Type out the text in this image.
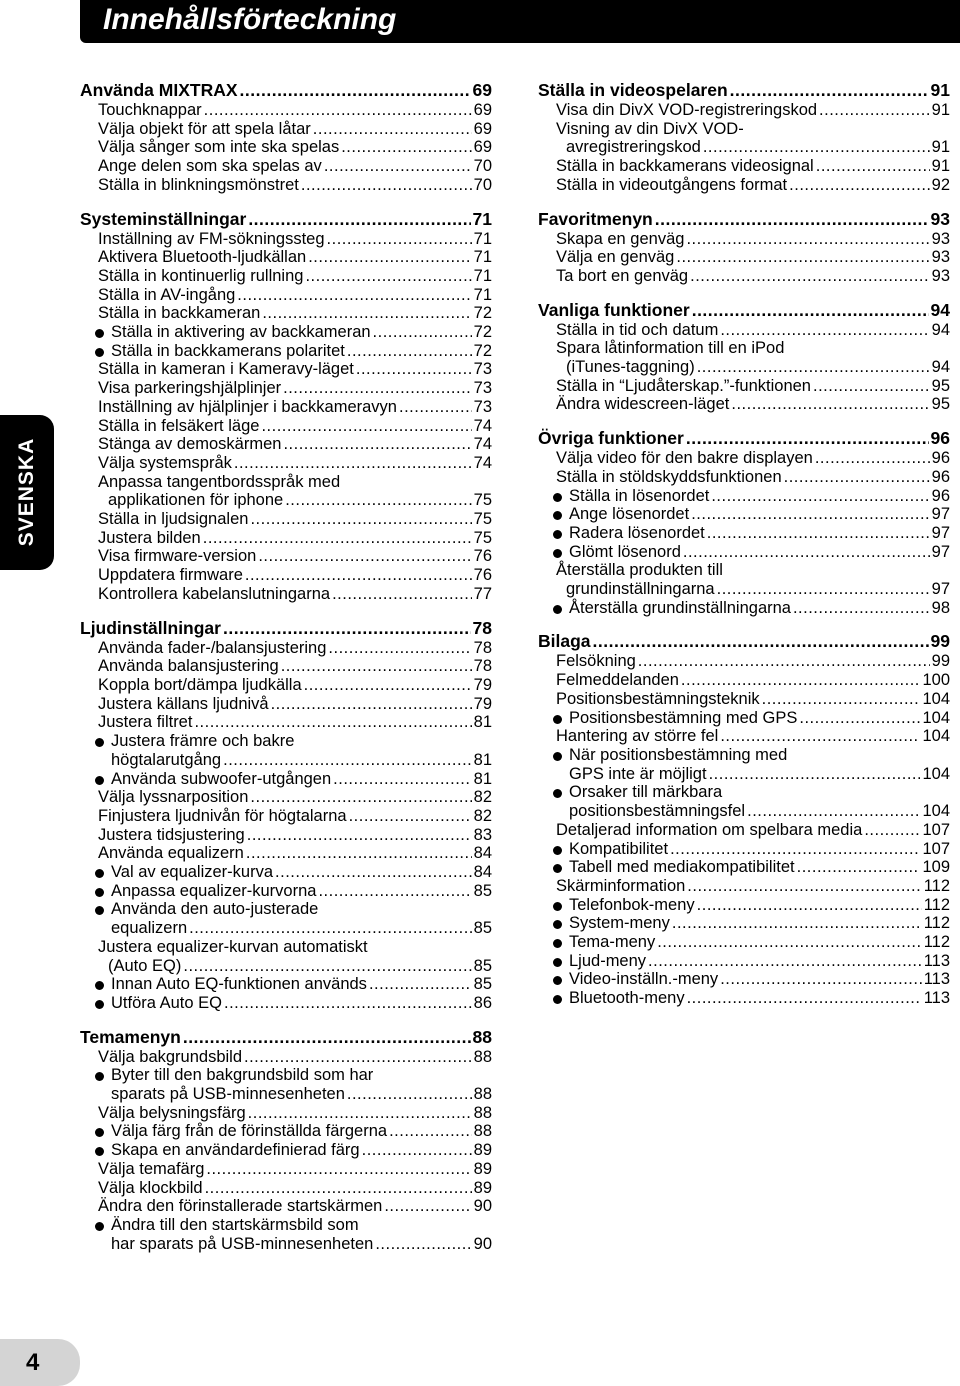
Innehållsförteckning
SVENSKA
4
Använda MIXTRAX .....	69
Touchknappar .....	69
Välja objekt för att spela låtar .....	69
Välja sånger som inte ska spelas .....	69
Ange delen som ska spelas av .....	70
Ställa in blinkningsmönstret .....	70
Systeminställningar .....	71
Inställning av FM-sökningssteg .....	71
Aktivera Bluetooth-ljudkällan .....	71
Ställa in kontinuerlig rullning .....	71
Ställa in AV-ingång .....	71
Ställa in backkameran .....	72
Ställa in aktivering av backkameran .....	72
Ställa in backkamerans polaritet .....	72
Ställa in kameran i Kameravy-läget .....	73
Visa parkeringshjälplinjer .....	73
Inställning av hjälplinjer i backkameravyn .....	73
Ställa in felsäkert läge .....	74
Stänga av demoskärmen .....	74
Välja systemspråk .....	74
Anpassa tangentbordsspråk med
applikationen för iphone .....	75
Ställa in ljudsignalen .....	75
Justera bilden .....	75
Visa firmware-version .....	76
Uppdatera firmware .....	76
Kontrollera kabelanslutningarna .....	77
Ljudinställningar .....	78
Använda fader-/balansjustering .....	78
Använda balansjustering .....	78
Koppla bort/dämpa ljudkälla .....	79
Justera källans ljudnivå .....	79
Justera filtret .....	81
Justera främre och bakre
högtalarutgång .....	81
Använda subwoofer-utgången .....	81
Välja lyssnarposition .....	82
Finjustera ljudnivån för högtalarna .....	82
Justera tidsjustering .....	83
Använda equalizern .....	84
Val av equalizer-kurva .....	84
Anpassa equalizer-kurvorna .....	85
Använda den auto-justerade
equalizern .....	85
Justera equalizer-kurvan automatiskt
(Auto EQ) .....	85
Innan Auto EQ-funktionen används .....	85
Utföra Auto EQ .....	86
Temamenyn .....	88
Välja bakgrundsbild .....	88
Byter till den bakgrundsbild som har
sparats på USB-minnesenheten .....	88
Välja belysningsfärg .....	88
Välja färg från de förinställda färgerna .....	88
Skapa en användardefinierad färg .....	89
Välja temafärg .....	89
Välja klockbild .....	89
Ändra den förinstallerade startskärmen .....	90
Ändra till den startskärmsbild som
har sparats på USB-minnesenheten .....	90
Ställa in videospelaren .....	91
Visa din DivX VOD-registreringskod .....	91
Visning av din DivX VOD-
avregistreringskod .....	91
Ställa in backkamerans videosignal .....	91
Ställa in videoutgångens format .....	92
Favoritmenyn .....	93
Skapa en genväg .....	93
Välja en genväg .....	93
Ta bort en genväg .....	93
Vanliga funktioner .....	94
Ställa in tid och datum .....	94
Spara låtinformation till en iPod
(iTunes-taggning) .....	94
Ställa in “Ljudåterskap.”-funktionen .....	95
Ändra widescreen-läget .....	95
Övriga funktioner .....	96
Välja video för den bakre displayen .....	96
Ställa in stöldskyddsfunktionen .....	96
Ställa in lösenordet .....	96
Ange lösenordet .....	97
Radera lösenordet .....	97
Glömt lösenord .....	97
Återställa produkten till
grundinställningarna .....	97
Återställa grundinställningarna .....	98
Bilaga .....	99
Felsökning .....	99
Felmeddelanden .....	100
Positionsbestämningsteknik .....	104
Positionsbestämning med GPS .....	104
Hantering av större fel .....	104
När positionsbestämning med
GPS inte är möjligt .....	104
Orsaker till märkbara
positionsbestämningsfel .....	104
Detaljerad information om spelbara media .....	107
Kompatibilitet .....	107
Tabell med mediakompatibilitet .....	109
Skärminformation .....	112
Telefonbok-meny .....	112
System-meny .....	112
Tema-meny .....	112
Ljud-meny .....	113
Video-inställn.-meny .....	113
Bluetooth-meny .....	113
